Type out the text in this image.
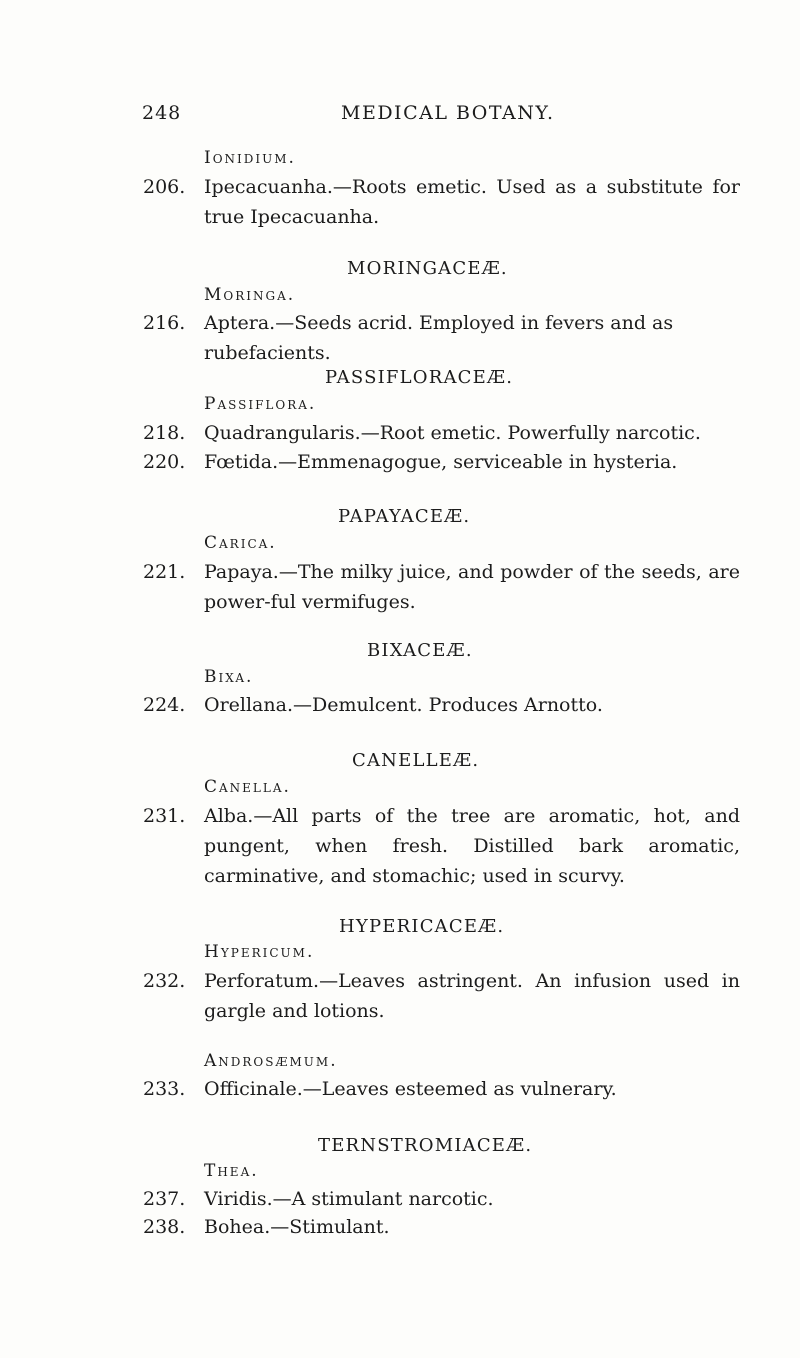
248	MEDICAL BOTANY.
Ionidium.
206. Ipecacuanha.—Roots emetic. Used as a substitute for true Ipecacuanha.
MORINGACEÆ.
Moringa.
216. Aptera.—Seeds acrid. Employed in fevers and as rubefacients.
PASSIFLORACEÆ.
Passiflora.
218. Quadrangularis.—Root emetic. Powerfully narcotic.
220. Fœtida.—Emmenagogue, serviceable in hysteria.
PAPAYACEÆ.
Carica.
221. Papaya.—The milky juice, and powder of the seeds, are power-ful vermifuges.
BIXACEÆ.
Bixa.
224. Orellana.—Demulcent. Produces Arnotto.
CANELLEÆ.
Canella.
231. Alba.—All parts of the tree are aromatic, hot, and pungent, when fresh. Distilled bark aromatic, carminative, and stomachic; used in scurvy.
HYPERICACEÆ.
Hypericum.
232. Perforatum.—Leaves astringent. An infusion used in gargle and lotions.
Androsæmum.
233. Officinale.—Leaves esteemed as vulnerary.
TERNSTROMIACEÆ.
Thea.
237. Viridis.—A stimulant narcotic.
238. Bohea.—Stimulant.
